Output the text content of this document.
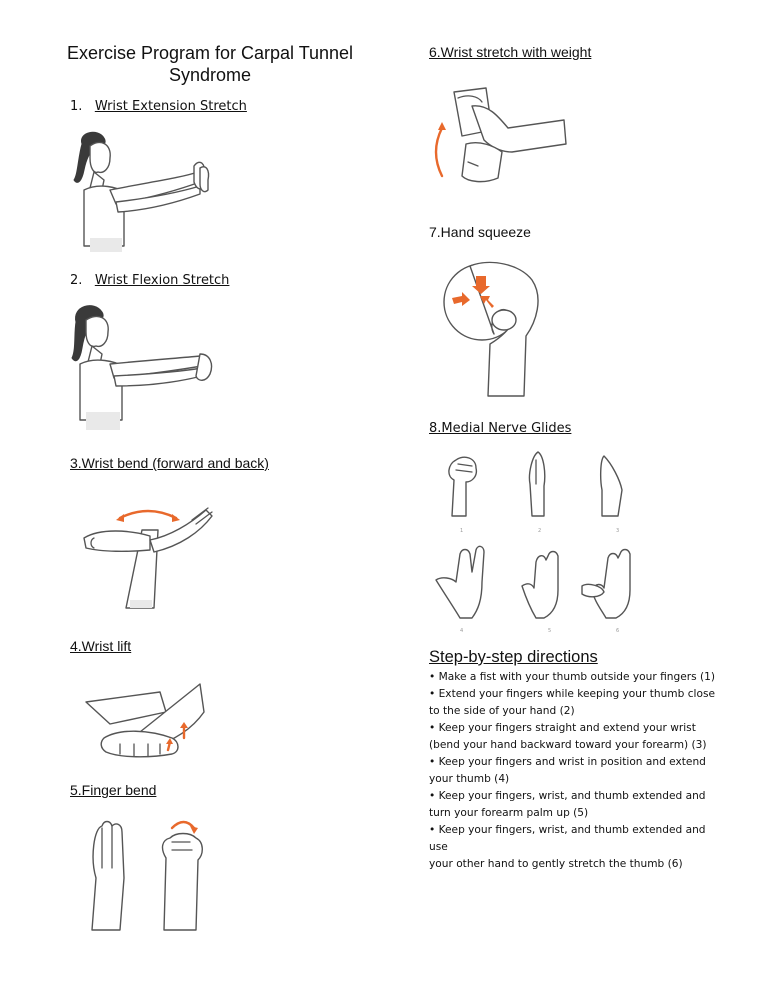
Exercise Program for Carpal Tunnel Syndrome
1. Wrist Extension Stretch
2. Wrist Flexion Stretch
3.Wrist bend (forward and back)
4.Wrist lift
5.Finger bend
6.Wrist stretch with weight
7.Hand squeeze
8.Medial Nerve Glides
1	2	3
4	5	6
Step-by-step directions
• Make a fist with your thumb outside your fingers (1)
• Extend your fingers while keeping your thumb close
to the side of your hand (2)
• Keep your fingers straight and extend your wrist
(bend your hand backward toward your forearm) (3)
• Keep your fingers and wrist in position and extend
your thumb (4)
• Keep your fingers, wrist, and thumb extended and
turn your forearm palm up (5)
• Keep your fingers, wrist, and thumb extended and
use
your other hand to gently stretch the thumb (6)
